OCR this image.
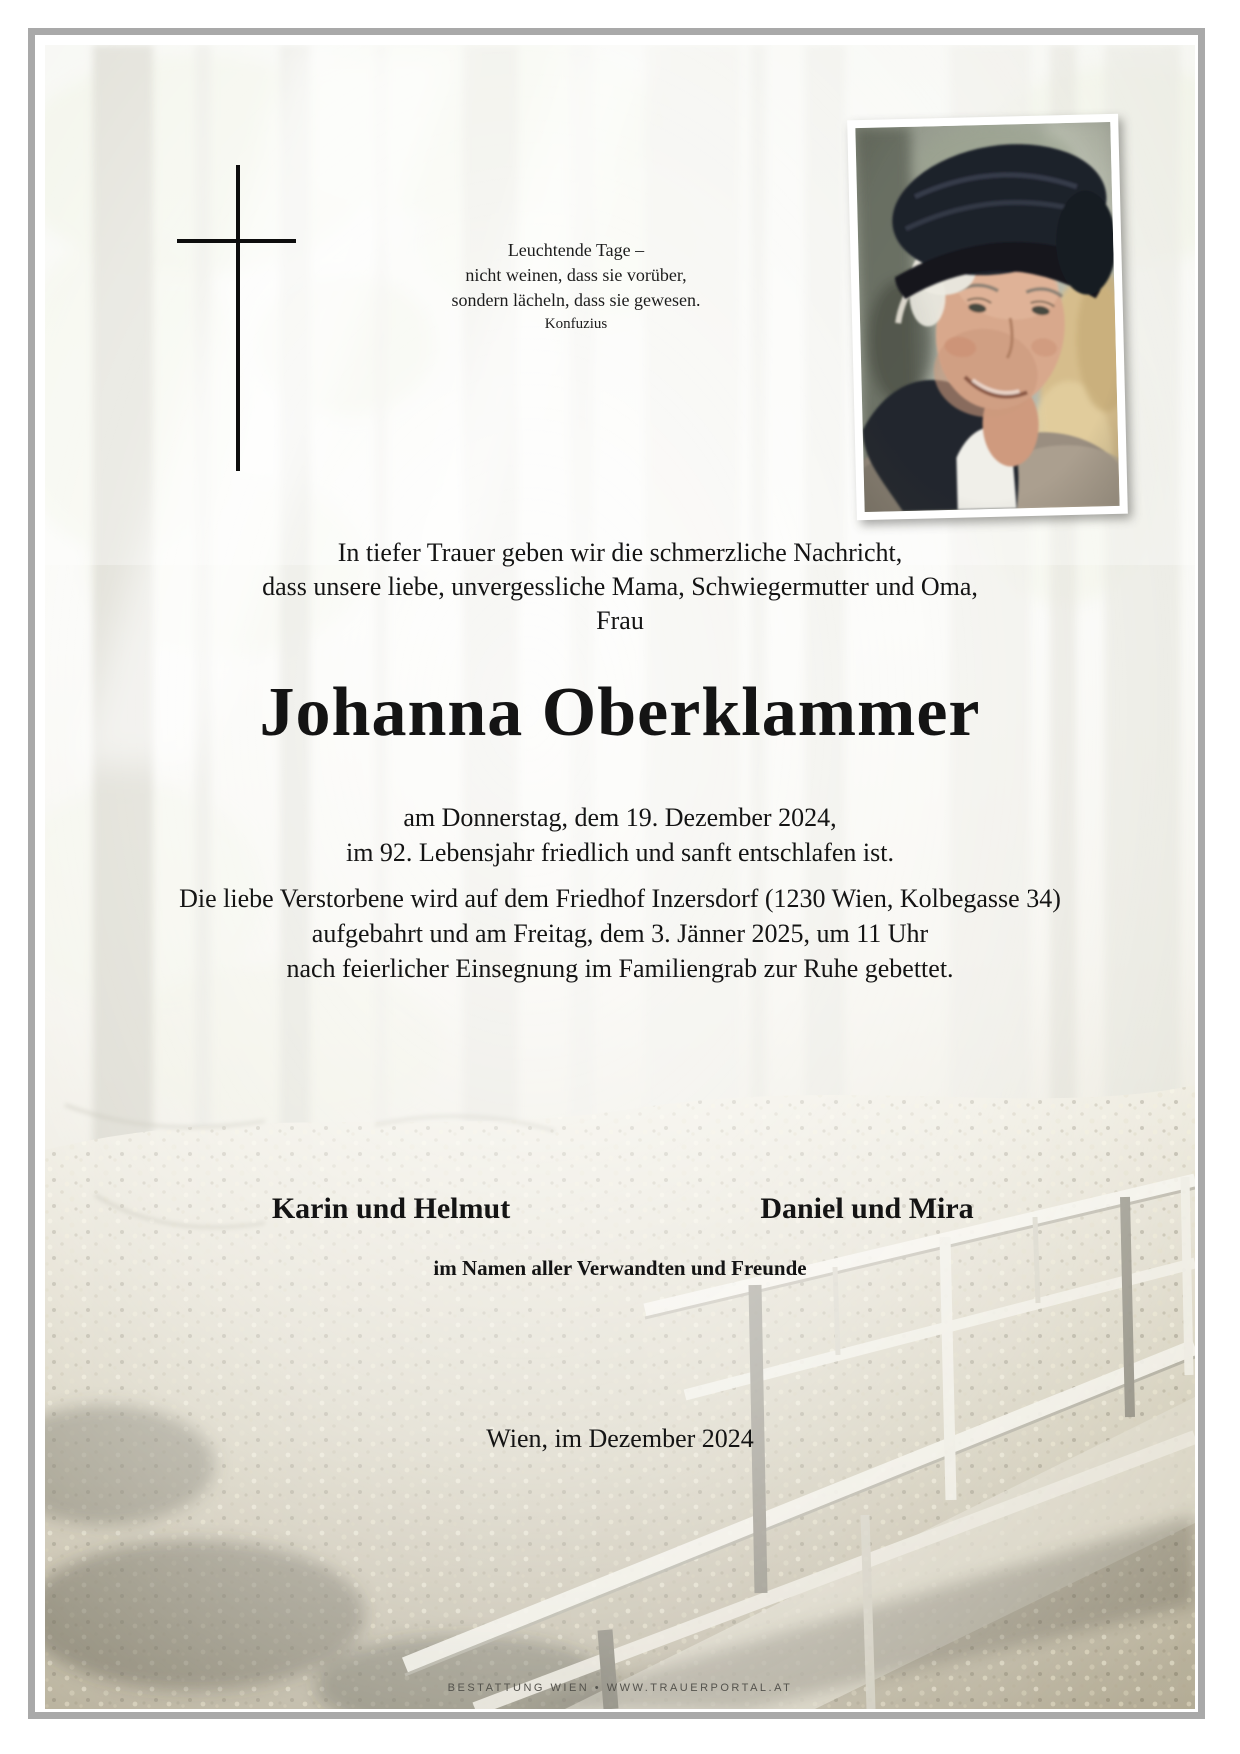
Leuchtende Tage –
nicht weinen, dass sie vorüber,
sondern lächeln, dass sie gewesen.
Konfuzius
In tiefer Trauer geben wir die schmerzliche Nachricht,
dass unsere liebe, unvergessliche Mama, Schwiegermutter und Oma,
Frau
Johanna Oberklammer
am Donnerstag, dem 19. Dezember 2024,
im 92. Lebensjahr friedlich und sanft entschlafen ist.
Die liebe Verstorbene wird auf dem Friedhof Inzersdorf (1230 Wien, Kolbegasse 34)
aufgebahrt und am Freitag, dem 3. Jänner 2025, um 11 Uhr
nach feierlicher Einsegnung im Familiengrab zur Ruhe gebettet.
Karin und Helmut	Daniel und Mira
im Namen aller Verwandten und Freunde
Wien, im Dezember 2024
BESTATTUNG WIEN • WWW.TRAUERPORTAL.AT
